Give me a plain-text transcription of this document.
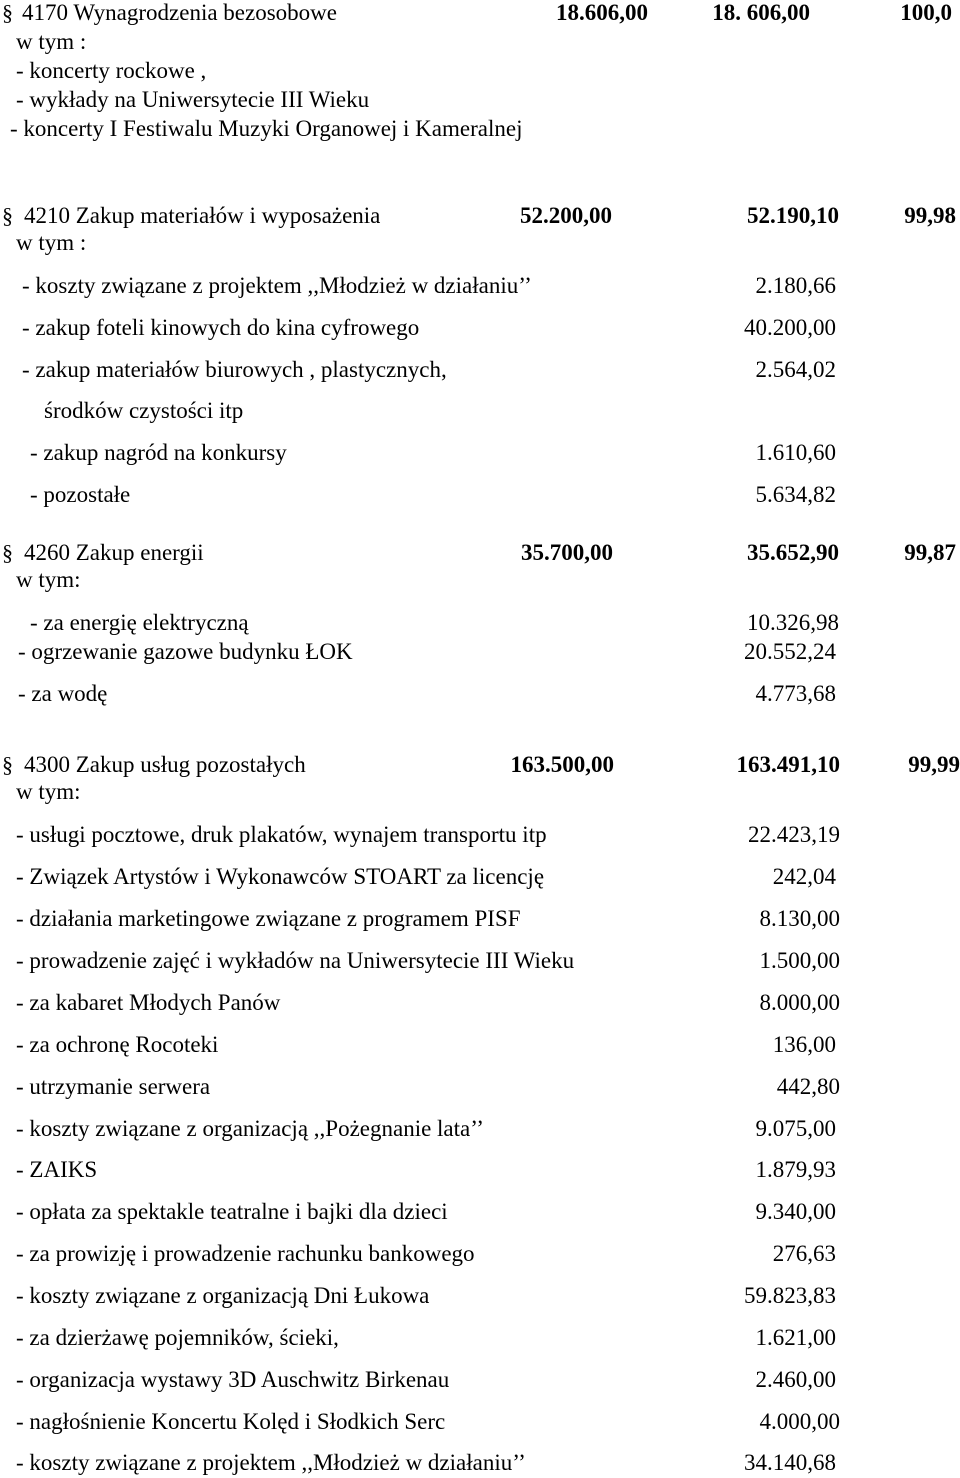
§ 4170 Wynagrodzenia bezosobowe	18.606,00	18. 606,00	100,0
w tym :
- koncerty rockowe ,
- wykłady na Uniwersytecie III Wieku
- koncerty I Festiwalu Muzyki Organowej i Kameralnej
§ 4210 Zakup materiałów i wyposażenia	52.200,00	52.190,10	99,98
w tym :
- koszty związane z projektem ,,Młodzież w działaniu’’	2.180,66
- zakup foteli kinowych do kina cyfrowego	40.200,00
- zakup materiałów biurowych , plastycznych,	2.564,02
środków czystości itp
- zakup nagród na konkursy	1.610,60
- pozostałe	5.634,82
§ 4260 Zakup energii	35.700,00	35.652,90	99,87
w tym:
- za energię elektryczną	10.326,98
- ogrzewanie gazowe budynku ŁOK	20.552,24
- za wodę	4.773,68
§ 4300 Zakup usług pozostałych	163.500,00	163.491,10	99,99
w tym:
- usługi pocztowe, druk plakatów, wynajem transportu itp	22.423,19
- Związek Artystów i Wykonawców STOART za licencję	242,04
- działania marketingowe związane z programem PISF	8.130,00
- prowadzenie zajęć i wykładów na Uniwersytecie III Wieku	1.500,00
- za kabaret Młodych Panów	8.000,00
- za ochronę Rocoteki	136,00
- utrzymanie serwera	442,80
- koszty związane z organizacją ,,Pożegnanie lata’’	9.075,00
- ZAIKS	1.879,93
- opłata za spektakle teatralne i bajki dla dzieci	9.340,00
- za prowizję i prowadzenie rachunku bankowego	276,63
- koszty związane z organizacją Dni Łukowa	59.823,83
- za dzierżawę pojemników, ścieki,	1.621,00
- organizacja wystawy 3D Auschwitz Birkenau	2.460,00
- nagłośnienie Koncertu Kolęd i Słodkich Serc	4.000,00
- koszty związane z projektem ,,Młodzież w działaniu’’	34.140,68
